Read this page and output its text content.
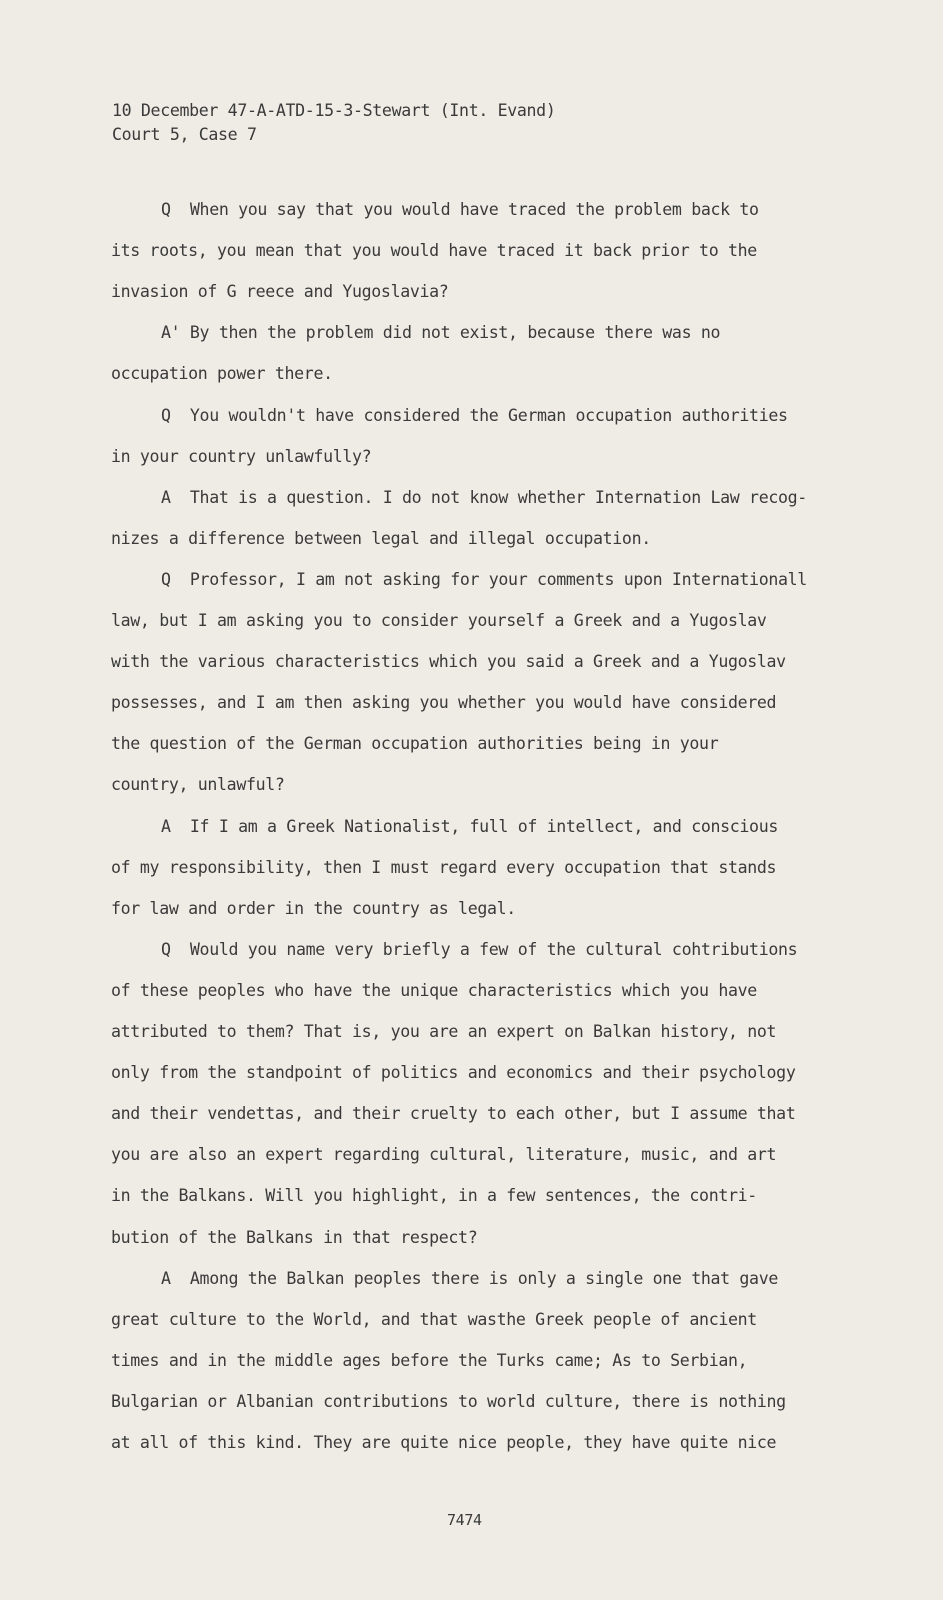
10 December 47-A-ATD-15-3-Stewart (Int. Evand)
Court 5, Case 7
Q  When you say that you would have traced the problem back to
its roots, you mean that you would have traced it back prior to the
invasion of G reece and Yugoslavia?
A' By then the problem did not exist, because there was no
occupation power there.
Q  You wouldn't have considered the German occupation authorities
in your country unlawfully?
A  That is a question. I do not know whether Internation Law recog-
nizes a difference between legal and illegal occupation.
Q  Professor, I am not asking for your comments upon Internationall
law, but I am asking you to consider yourself a Greek and a Yugoslav
with the various characteristics which you said a Greek and a Yugoslav
possesses, and I am then asking you whether you would have considered
the question of the German occupation authorities being in your
country, unlawful?
A  If I am a Greek Nationalist, full of intellect, and conscious
of my responsibility, then I must regard every occupation that stands
for law and order in the country as legal.
Q  Would you name very briefly a few of the cultural cohtributions
of these peoples who have the unique characteristics which you have
attributed to them? That is, you are an expert on Balkan history, not
only from the standpoint of politics and economics and their psychology
and their vendettas, and their cruelty to each other, but I assume that
you are also an expert regarding cultural, literature, music, and art
in the Balkans. Will you highlight, in a few sentences, the contri-
bution of the Balkans in that respect?
A  Among the Balkan peoples there is only a single one that gave
great culture to the World, and that wasthe Greek people of ancient
times and in the middle ages before the Turks came; As to Serbian,
Bulgarian or Albanian contributions to world culture, there is nothing
at all of this kind. They are quite nice people, they have quite nice
7474
